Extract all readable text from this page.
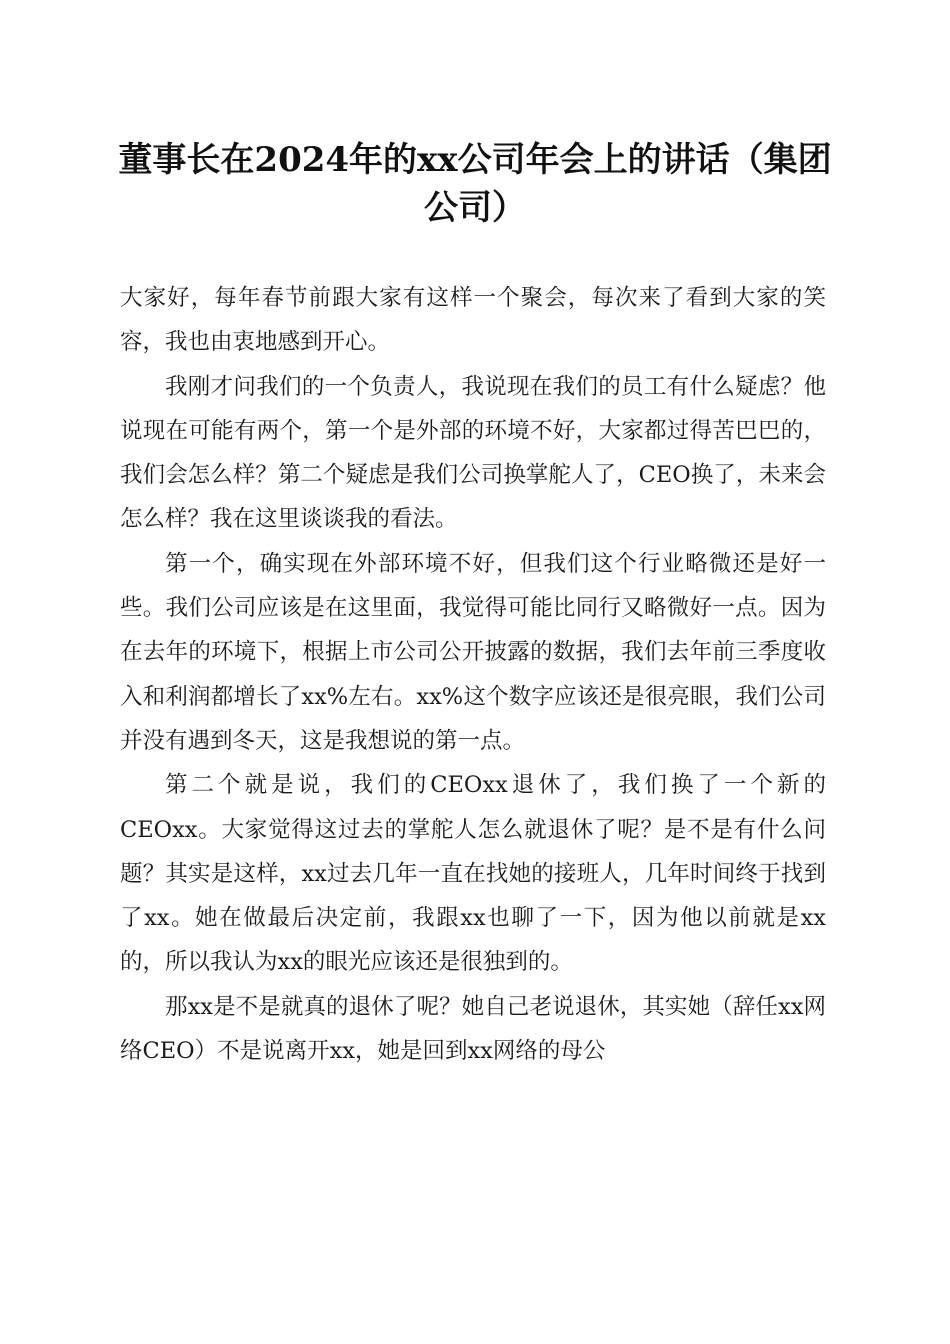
董事长在2024年的xx公司年会上的讲话（集团公司）

大家好，每年春节前跟大家有这样一个聚会，每次来了看到大家的笑容，我也由衷地感到开心。

我刚才问我们的一个负责人，我说现在我们的员工有什么疑虑？他说现在可能有两个，第一个是外部的环境不好，大家都过得苦巴巴的，我们会怎么样？第二个疑虑是我们公司换掌舵人了，CEO换了，未来会怎么样？我在这里谈谈我的看法。

第一个，确实现在外部环境不好，但我们这个行业略微还是好一些。我们公司应该是在这里面，我觉得可能比同行又略微好一点。因为在去年的环境下，根据上市公司公开披露的数据，我们去年前三季度收入和利润都增长了xx%左右。xx%这个数字应该还是很亮眼，我们公司并没有遇到冬天，这是我想说的第一点。

第二个就是说，我们的CEOxx退休了，我们换了一个新的CEOxx。大家觉得这过去的掌舵人怎么就退休了呢？是不是有什么问题？其实是这样，xx过去几年一直在找她的接班人，几年时间终于找到了xx。她在做最后决定前，我跟xx也聊了一下，因为他以前就是xx的，所以我认为xx的眼光应该还是很独到的。

那xx是不是就真的退休了呢？她自己老说退休，其实她（辞任xx网络CEO）不是说离开xx，她是回到xx网络的母公
